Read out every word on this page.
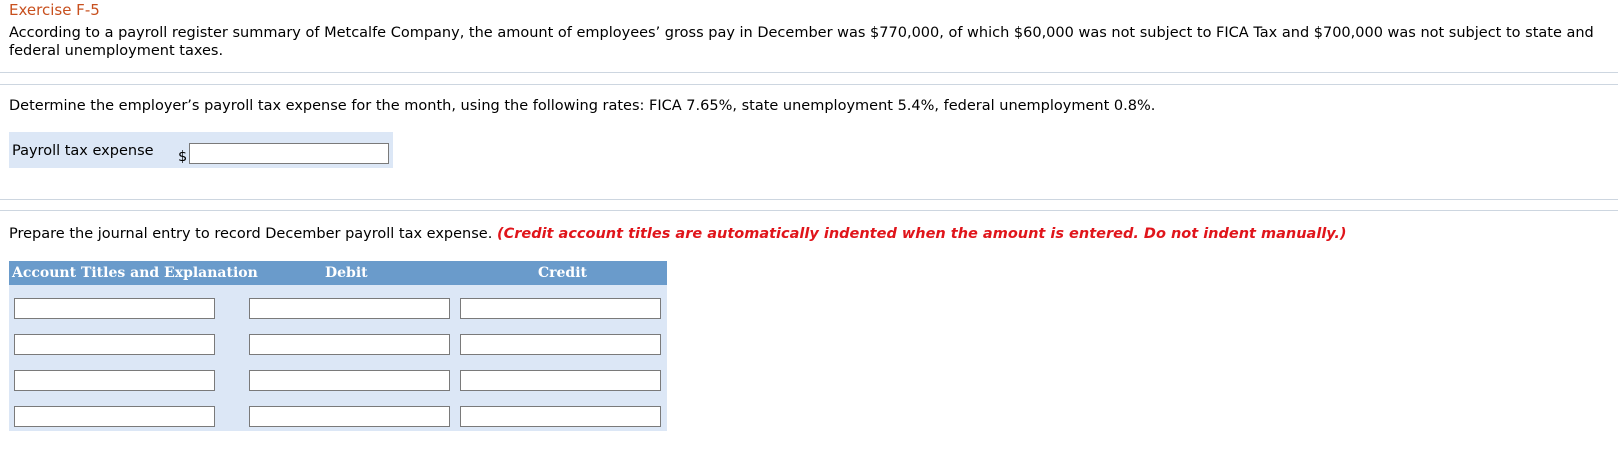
Exercise F-5
According to a payroll register summary of Metcalfe Company, the amount of employees’ gross pay in December was $770,000, of which $60,000 was not subject to FICA Tax and $700,000 was not subject to state and federal unemployment taxes.
Determine the employer’s payroll tax expense for the month, using the following rates: FICA 7.65%, state unemployment 5.4%, federal unemployment 0.8%.
Payroll tax expense $
Prepare the journal entry to record December payroll tax expense. (Credit account titles are automatically indented when the amount is entered. Do not indent manually.)
Account Titles and Explanation	Debit	Credit
